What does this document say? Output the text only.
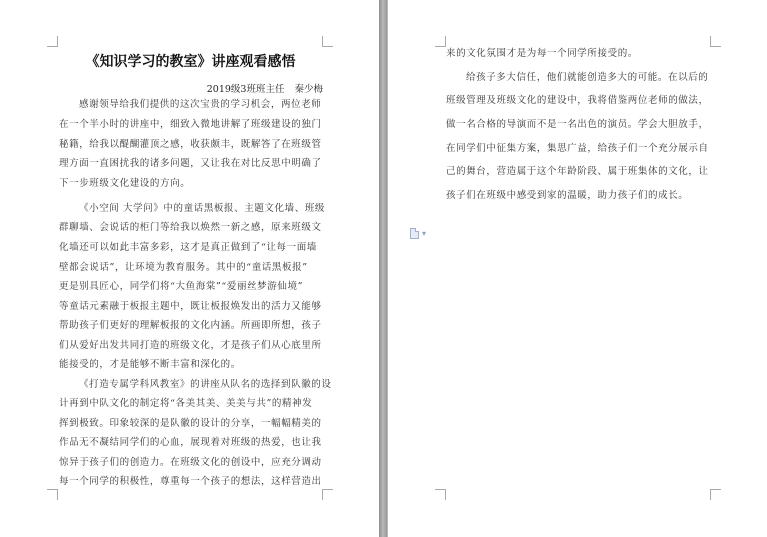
《知识学习的教室》讲座观看感悟
2019级3班班主任 秦少梅
感谢领导给我们提供的这次宝贵的学习机会，两位老师
在一个半小时的讲座中，细致入微地讲解了班级建设的独门
秘籍，给我以醍醐灌顶之感，收获颇丰，既解答了在班级管
理方面一直困扰我的诸多问题，又让我在对比反思中明确了
下一步班级文化建设的方向。
《小空间 大学问》中的童话黑板报、主题文化墙、班级
群聊墙、会说话的柜门等给我以焕然一新之感，原来班级文
化墙还可以如此丰富多彩，这才是真正做到了“让每一面墙
壁都会说话”，让环境为教育服务。其中的“童话黑板报”
更是别具匠心，同学们将“大鱼海棠”“爱丽丝梦游仙境”
等童话元素融于板报主题中，既让板报焕发出的活力又能够
帮助孩子们更好的理解板报的文化内涵。所画即所想，孩子
们从爱好出发共同打造的班级文化，才是孩子们从心底里所
能接受的，才是能够不断丰富和深化的。
《打造专属学科风教室》的讲座从队名的选择到队徽的设
计再到中队文化的制定将“各美其美、美美与共”的精神发
挥到极致。印象较深的是队徽的设计的分享，一幅幅精美的
作品无不凝结同学们的心血，展现着对班级的热爱，也让我
惊异于孩子们的创造力。在班级文化的创设中，应充分调动
每一个同学的积极性，尊重每一个孩子的想法，这样营造出
来的文化氛围才是为每一个同学所接受的。
给孩子多大信任，他们就能创造多大的可能。在以后的
班级管理及班级文化的建设中，我将借鉴两位老师的做法，
做一名合格的导演而不是一名出色的演员。学会大胆放手，
在同学们中征集方案，集思广益，给孩子们一个充分展示自
己的舞台，营造属于这个年龄阶段、属于班集体的文化，让
孩子们在班级中感受到家的温暖，助力孩子们的成长。
▾
